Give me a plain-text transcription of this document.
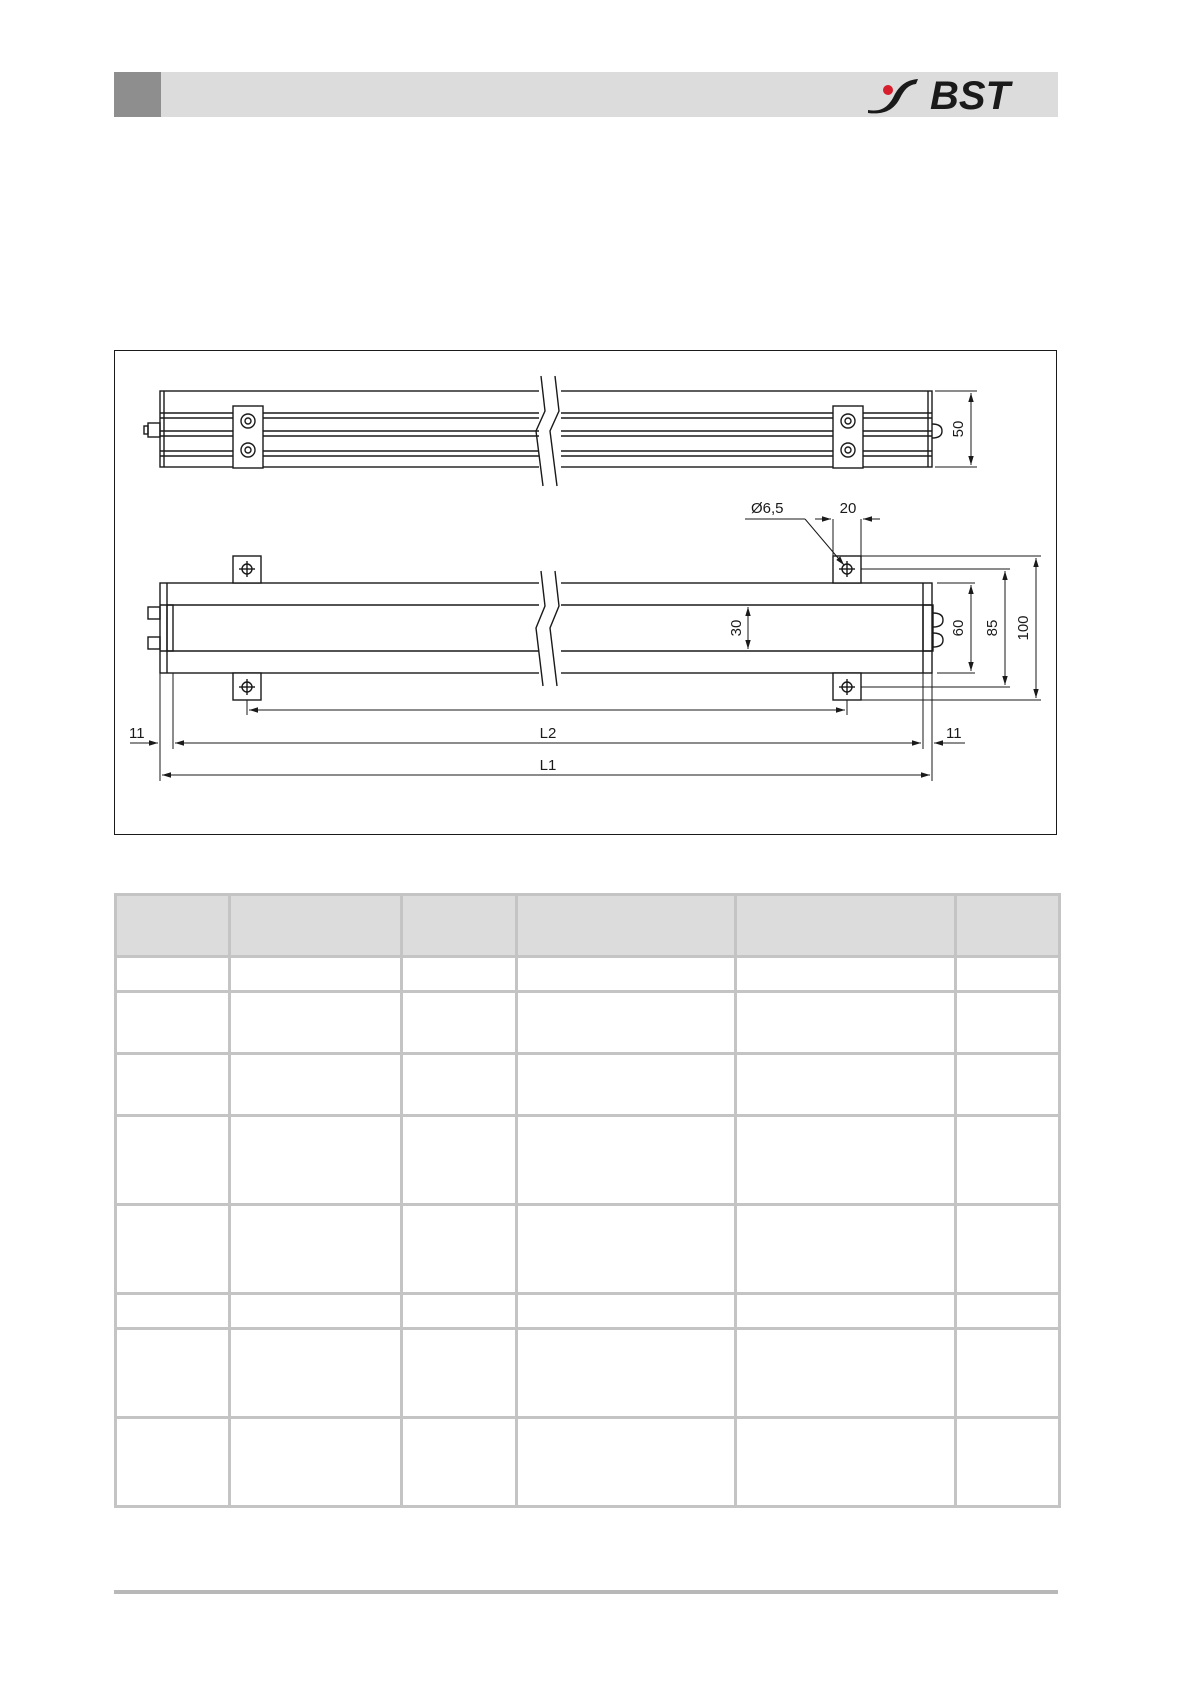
BST
50
Ø6,5	20
30	60 85 100
11	L2	11
L1
